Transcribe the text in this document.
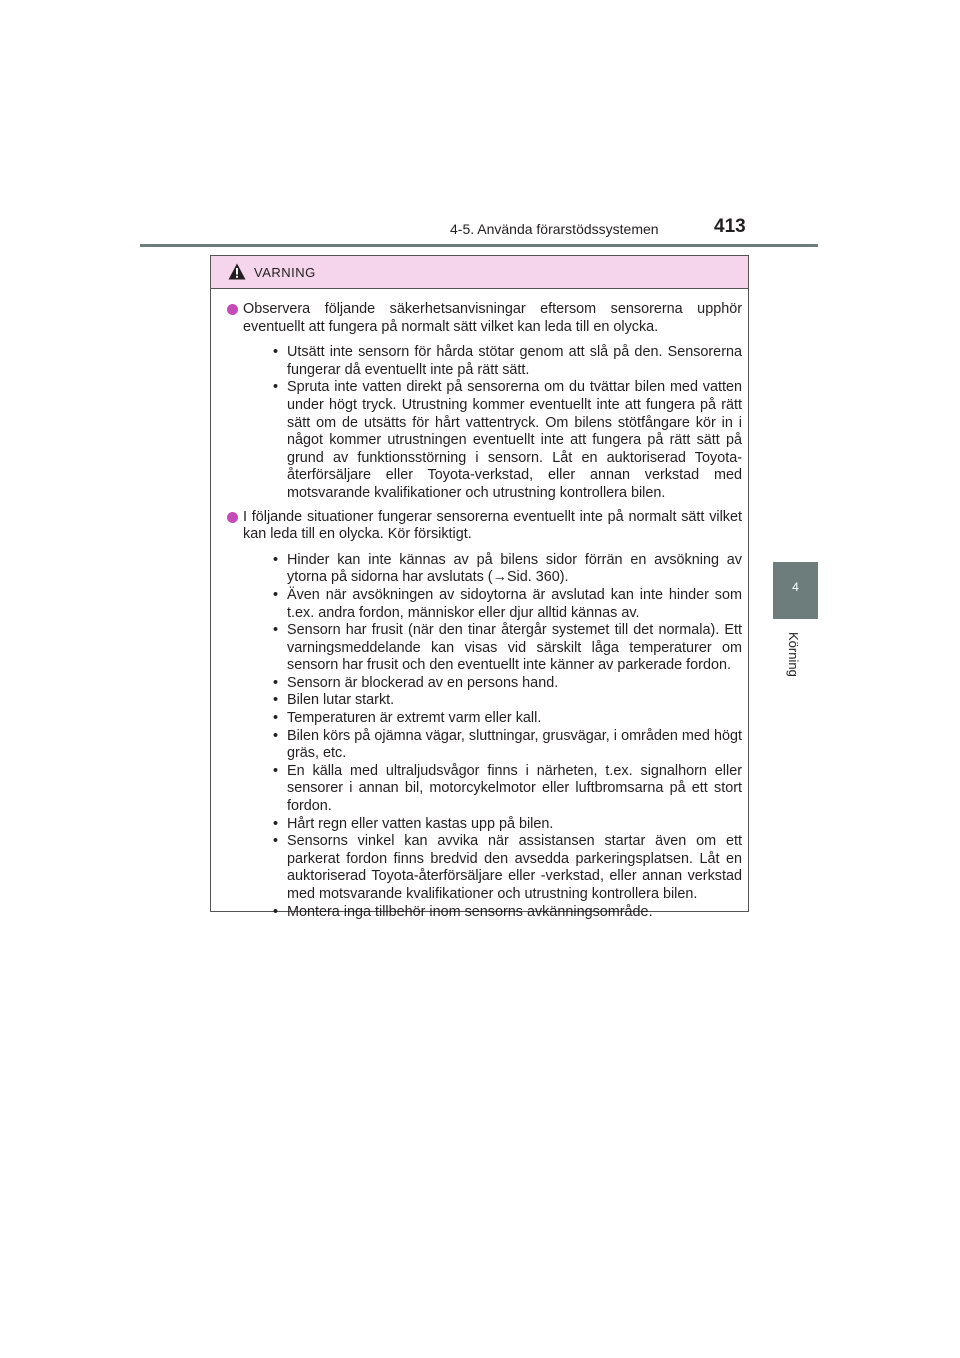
4-5. Använda förarstödssystemen	413
4
Körning
VARNING

Observera följande säkerhetsanvisningar eftersom sensorerna upphör eventuellt att fungera på normalt sätt vilket kan leda till en olycka.

• Utsätt inte sensorn för hårda stötar genom att slå på den. Sensorerna fungerar då eventuellt inte på rätt sätt.
• Spruta inte vatten direkt på sensorerna om du tvättar bilen med vatten under högt tryck. Utrustning kommer eventuellt inte att fungera på rätt sätt om de utsätts för hårt vattentryck. Om bilens stötfångare kör in i något kommer utrustningen eventuellt inte att fungera på rätt sätt på grund av funktionsstörning i sensorn. Låt en auktoriserad Toyota-återförsäljare eller Toyota-verkstad, eller annan verkstad med motsvarande kvalifikationer och utrustning kontrollera bilen.

I följande situationer fungerar sensorerna eventuellt inte på normalt sätt vilket kan leda till en olycka. Kör försiktigt.

• Hinder kan inte kännas av på bilens sidor förrän en avsökning av ytorna på sidorna har avslutats (→Sid. 360).
• Även när avsökningen av sidoytorna är avslutad kan inte hinder som t.ex. andra fordon, människor eller djur alltid kännas av.
• Sensorn har frusit (när den tinar återgår systemet till det normala). Ett varningsmeddelande kan visas vid särskilt låga temperaturer om sensorn har frusit och den eventuellt inte känner av parkerade fordon.
• Sensorn är blockerad av en persons hand.
• Bilen lutar starkt.
• Temperaturen är extremt varm eller kall.
• Bilen körs på ojämna vägar, sluttningar, grusvägar, i områden med högt gräs, etc.
• En källa med ultraljudsvågor finns i närheten, t.ex. signalhorn eller sensorer i annan bil, motorcykelmotor eller luftbromsarna på ett stort fordon.
• Hårt regn eller vatten kastas upp på bilen.
• Sensorns vinkel kan avvika när assistansen startar även om ett parkerat fordon finns bredvid den avsedda parkeringsplatsen. Låt en auktoriserad Toyota-återförsäljare eller -verkstad, eller annan verkstad med motsvarande kvalifikationer och utrustning kontrollera bilen.
• Montera inga tillbehör inom sensorns avkänningsområde.
